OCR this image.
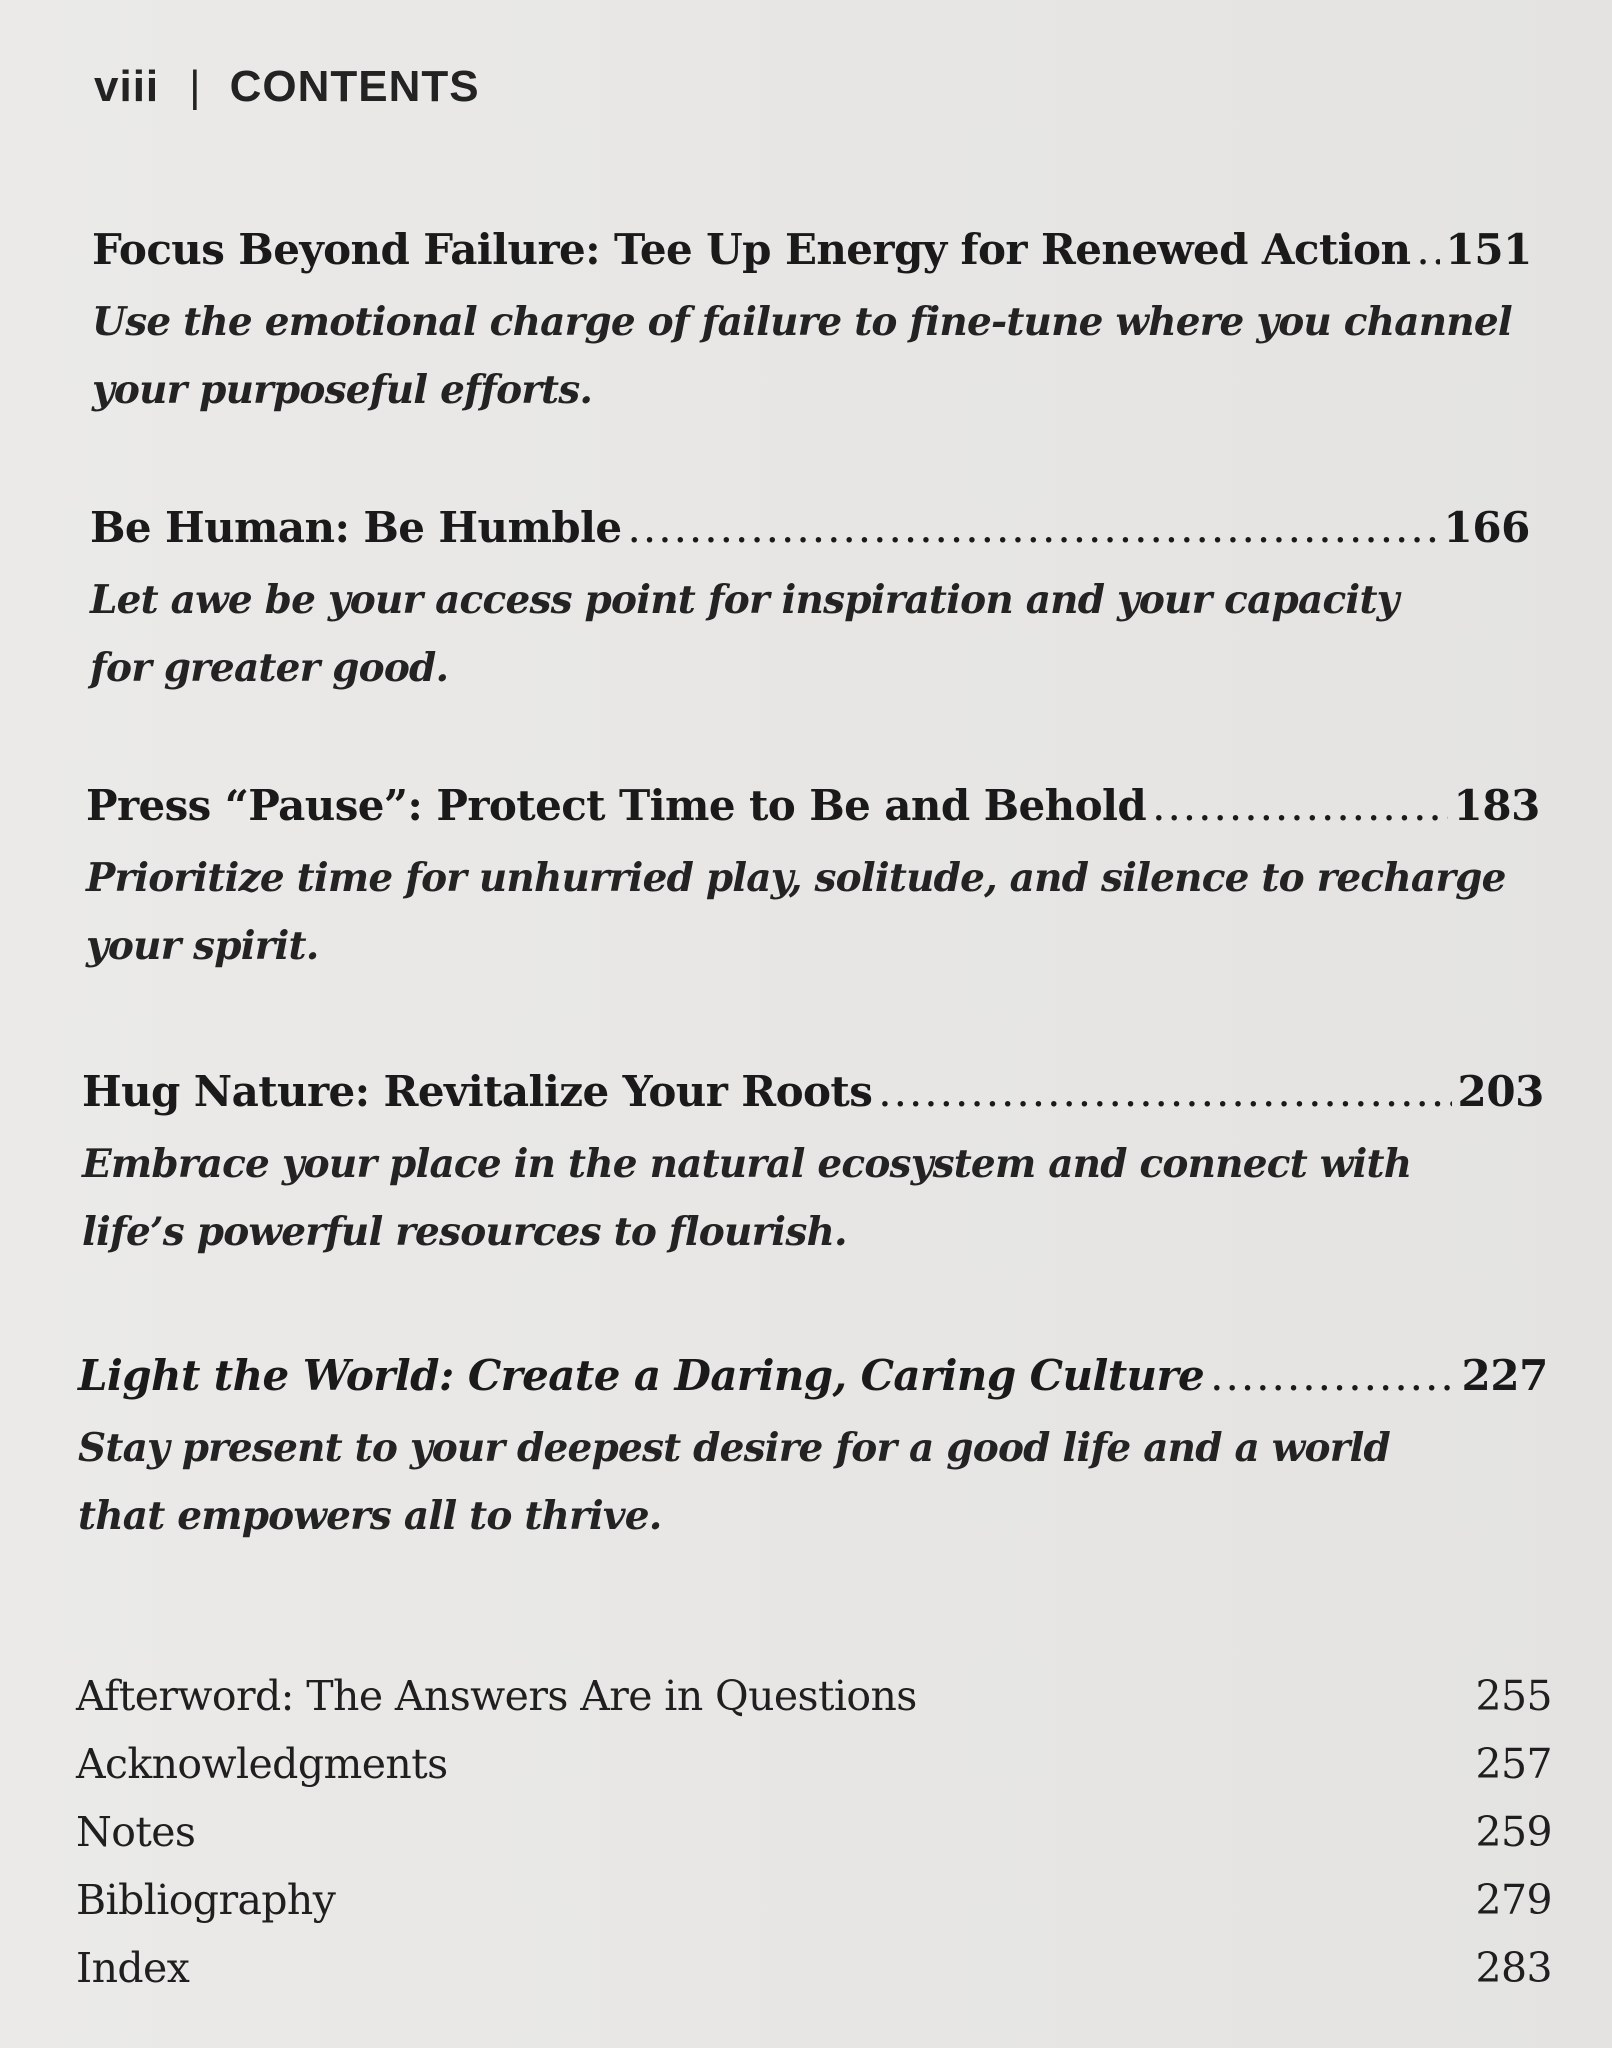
viii | CONTENTS
Focus Beyond Failure: Tee Up Energy for Renewed Action ..... 151
Use the emotional charge of failure to fine-tune where you channel your purposeful efforts.
Be Human: Be Humble .....	166
Let awe be your access point for inspiration and your capacity for greater good.
Press “Pause”: Protect Time to Be and Behold .....	183
Prioritize time for unhurried play, solitude, and silence to recharge your spirit.
Hug Nature: Revitalize Your Roots .....	203
Embrace your place in the natural ecosystem and connect with life’s powerful resources to flourish.
Light the World: Create a Daring, Caring Culture .....	227
Stay present to your deepest desire for a good life and a world that empowers all to thrive.
Afterword: The Answers Are in Questions	255
Acknowledgments	257
Notes	259
Bibliography	279
Index	283
